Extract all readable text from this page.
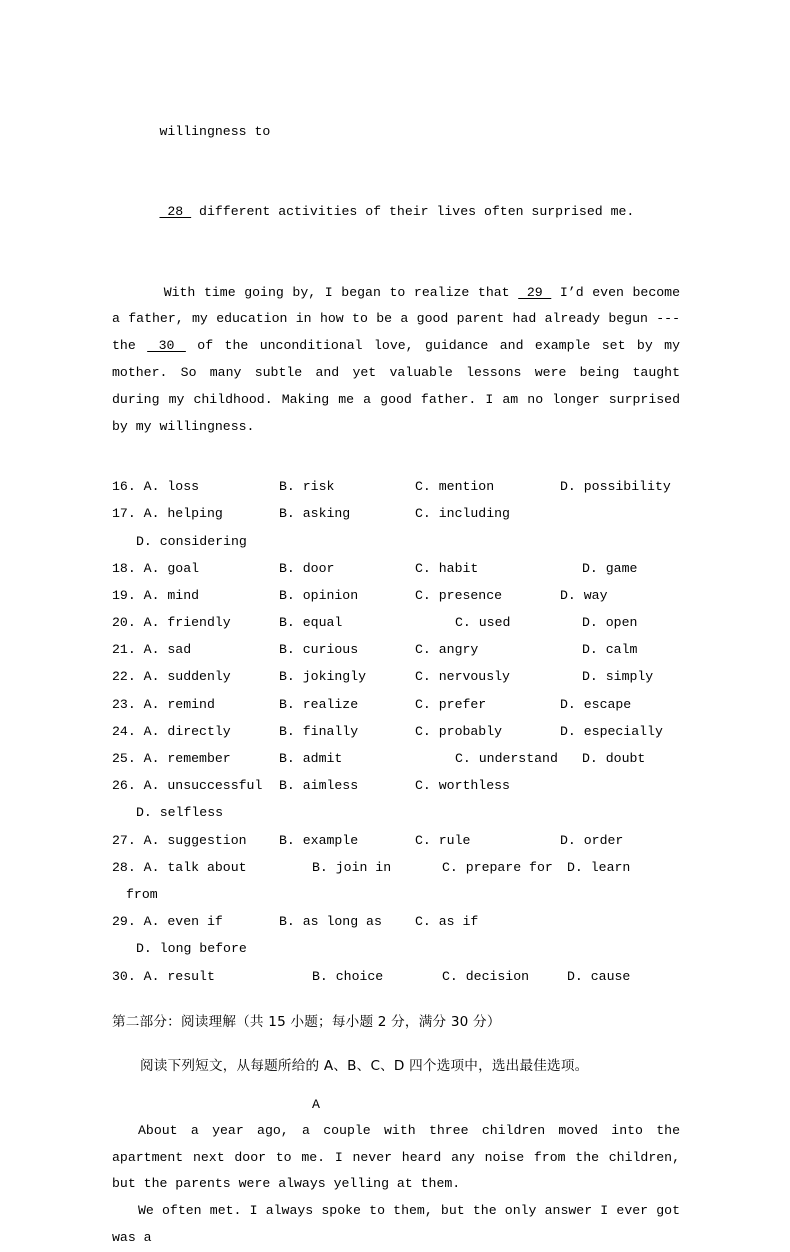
willingness to

28  different activities of their lives often surprised me.

With time going by, I began to realize that  29  I’d even become a father, my education in how to be a good parent had already begun --- the  30  of the unconditional love, guidance and example set by my mother. So many subtle and yet valuable lessons were being taught during my childhood. Making me a good father. I am no longer surprised by my willingness.

16. A. loss	B. risk	C. mention	D. possibility
17. A. helping	B. asking	C. including
D. considering
18. A. goal	B. door	C. habit	D. game
19. A. mind	B. opinion	C. presence	D. way
20. A. friendly	B. equal	C. used	D. open
21. A. sad	B. curious	C. angry	D. calm
22. A. suddenly	B. jokingly	C. nervously	D. simply
23. A. remind	B. realize	C. prefer	D. escape
24. A. directly	B. finally	C. probably	D. especially
25. A. remember	B. admit	C. understand D. doubt
26. A. unsuccessful B. aimless	C. worthless
D. selfless
27. A. suggestion B. example	C. rule	D. order
28. A. talk about	B. join in	C. prepare for D. learn
from
29. A. even if	B. as long as	C. as if
D. long before
30. A. result	B. choice	C. decision	D. cause
第二部分：阅读理解（共 15 小题；每小题 2 分，满分 30 分）
阅读下列短文，从每题所给的 A、B、C、D 四个选项中，选出最佳选项。
A
About a year ago, a couple with three children moved into the apartment next door to me. I never heard any noise from the children, but the parents were always yelling at them.
We often met. I always spoke to them, but the only answer I ever got was a
